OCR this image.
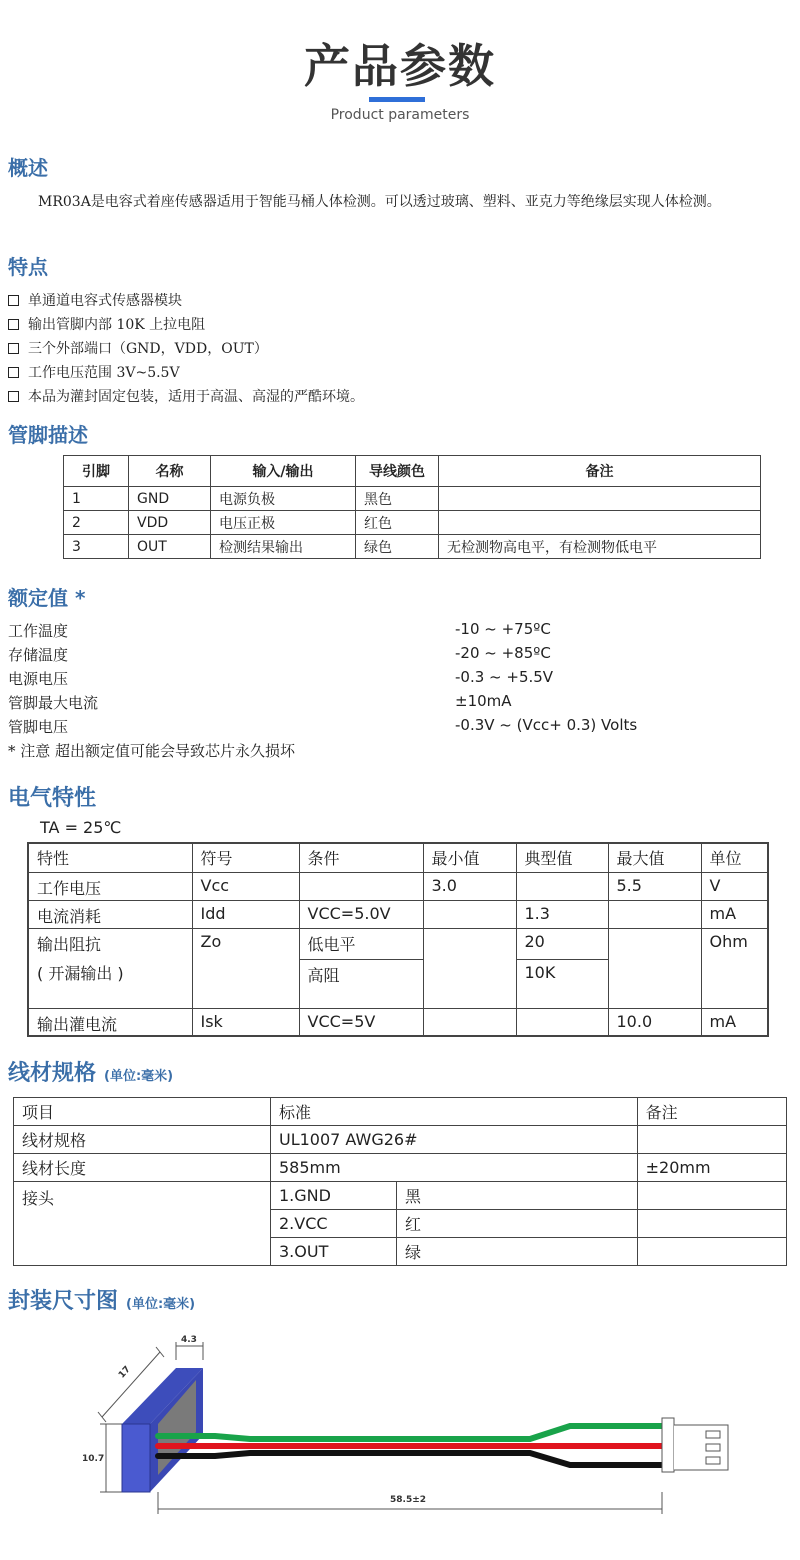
产品参数
Product parameters
概述
MR03A是电容式着座传感器适用于智能马桶人体检测。可以透过玻璃、塑料、亚克力等绝缘层实现人体检测。
特点
单通道电容式传感器模块
输出管脚内部 10K 上拉电阻
三个外部端口（GND，VDD，OUT）
工作电压范围 3V~5.5V
本品为灌封固定包装，适用于高温、高湿的严酷环境。
管脚描述
引脚	名称	输入/输出	导线颜色	备注
1	GND	电源负极	黑色	
2	VDD	电压正极	红色	
3	OUT	检测结果输出	绿色	无检测物高电平，有检测物低电平
额定值 *
工作温度	-10 ~ +75ºC
存储温度	-20 ~ +85ºC
电源电压	-0.3 ~ +5.5V
管脚最大电流	±10mA
管脚电压	-0.3V ~ (Vcc+ 0.3) Volts
* 注意 超出额定值可能会导致芯片永久损坏
电气特性
TA = 25℃
特性	符号	条件	最小值	典型值	最大值	单位
工作电压	Vcc		3.0		5.5	V
电流消耗	Idd	VCC=5.0V		1.3		mA

输出阻抗
( 开漏输出 )	Zo	低电平		20		Ohm
		高阻		10K		
输出灌电流	Isk	VCC=5V			10.0	mA
线材规格 (单位:毫米)
项目	标准		备注
线材规格	UL1007 AWG26#		
线材长度	585mm		±20mm
接头	1.GND	黑	
	2.VCC	红	
	3.OUT	绿	
封装尺寸图 (单位:毫米)
4.3
17
10.7
58.5±2
